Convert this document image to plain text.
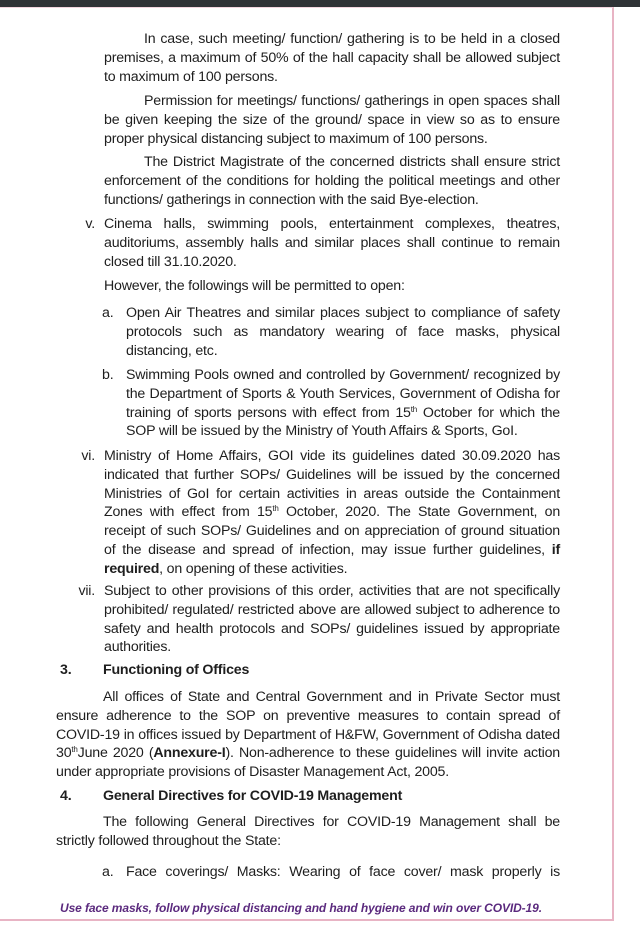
In case, such meeting/ function/ gathering is to be held in a closed premises, a maximum of 50% of the hall capacity shall be allowed subject to maximum of 100 persons.
Permission for meetings/ functions/ gatherings in open spaces shall be given keeping the size of the ground/ space in view so as to ensure proper physical distancing subject to maximum of 100 persons.
The District Magistrate of the concerned districts shall ensure strict enforcement of the conditions for holding the political meetings and other functions/ gatherings in connection with the said Bye-election.
v. Cinema halls, swimming pools, entertainment complexes, theatres, auditoriums, assembly halls and similar places shall continue to remain closed till 31.10.2020.
However, the followings will be permitted to open:
a. Open Air Theatres and similar places subject to compliance of safety protocols such as mandatory wearing of face masks, physical distancing, etc.
b. Swimming Pools owned and controlled by Government/ recognized by the Department of Sports & Youth Services, Government of Odisha for training of sports persons with effect from 15th October for which the SOP will be issued by the Ministry of Youth Affairs & Sports, GoI.
vi. Ministry of Home Affairs, GOI vide its guidelines dated 30.09.2020 has indicated that further SOPs/ Guidelines will be issued by the concerned Ministries of GoI for certain activities in areas outside the Containment Zones with effect from 15th October, 2020. The State Government, on receipt of such SOPs/ Guidelines and on appreciation of ground situation of the disease and spread of infection, may issue further guidelines, if required, on opening of these activities.
vii. Subject to other provisions of this order, activities that are not specifically prohibited/ regulated/ restricted above are allowed subject to adherence to safety and health protocols and SOPs/ guidelines issued by appropriate authorities.
3. Functioning of Offices
All offices of State and Central Government and in Private Sector must ensure adherence to the SOP on preventive measures to contain spread of COVID-19 in offices issued by Department of H&FW, Government of Odisha dated 30thJune 2020 (Annexure-I). Non-adherence to these guidelines will invite action under appropriate provisions of Disaster Management Act, 2005.
4. General Directives for COVID-19 Management
The following General Directives for COVID-19 Management shall be strictly followed throughout the State:
a. Face coverings/ Masks: Wearing of face cover/ mask properly is
Use face masks, follow physical distancing and hand hygiene and win over COVID-19.
